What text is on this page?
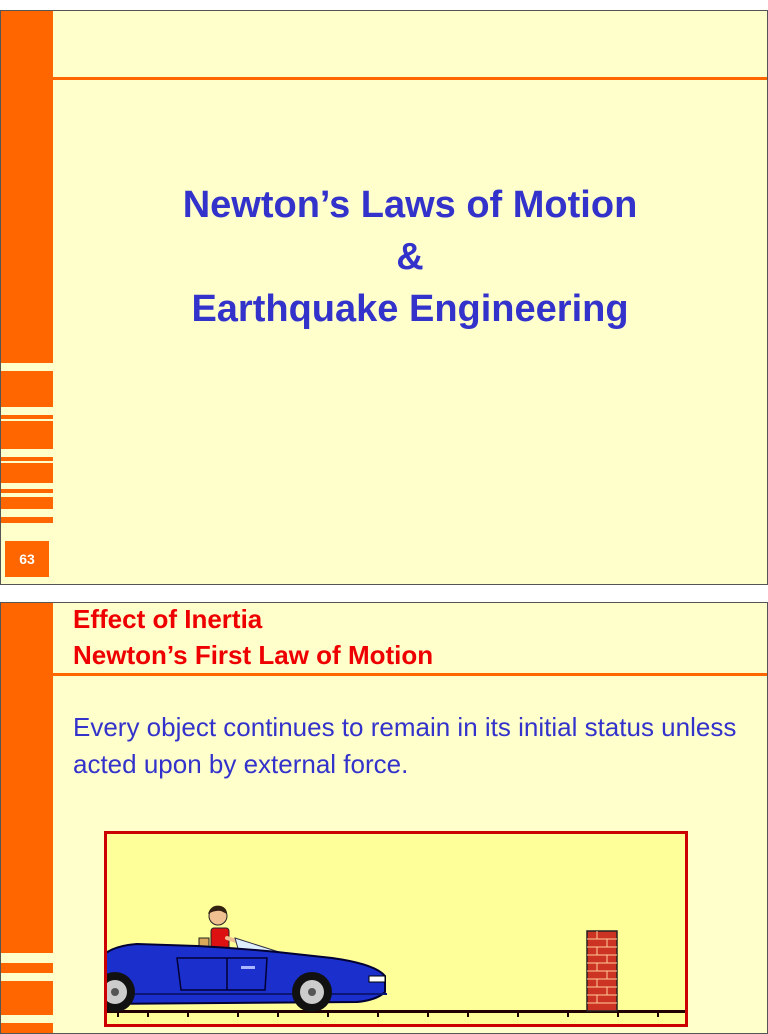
Newton’s Laws of Motion
&
Earthquake Engineering
63
Effect of Inertia
Newton’s First Law of Motion
Every object continues to remain in its initial status unless acted upon by external force.
